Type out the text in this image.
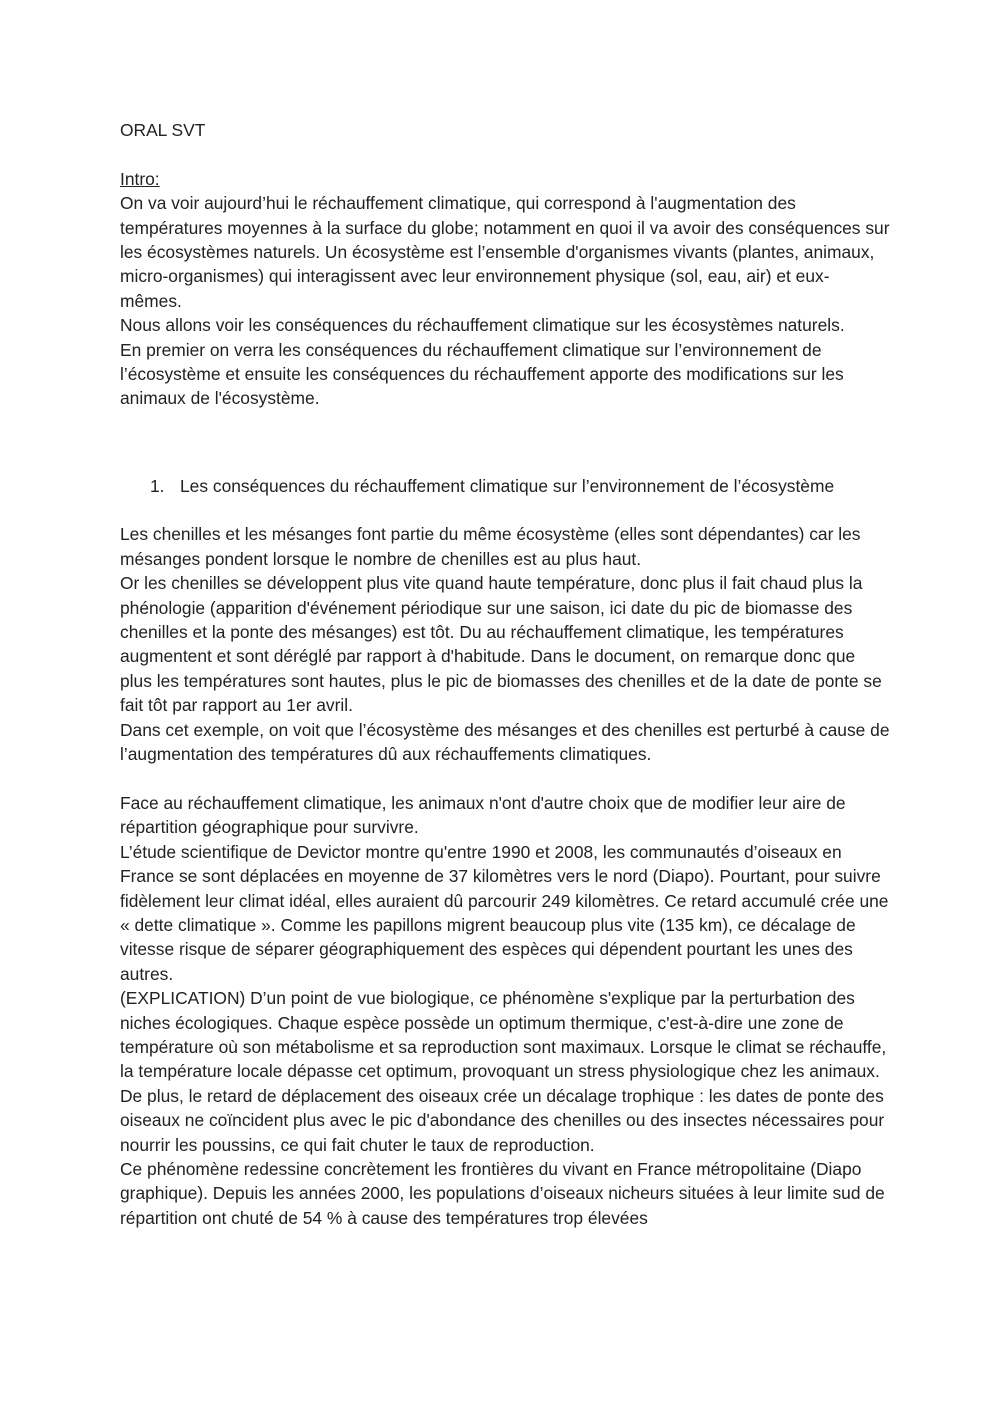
ORAL SVT

Intro:

On va voir aujourd’hui le réchauffement climatique, qui correspond à l'augmentation des températures moyennes à la surface du globe; notamment en quoi il va avoir des conséquences sur les écosystèmes naturels. Un écosystème est l’ensemble d'organismes vivants (plantes, animaux, micro-organismes) qui interagissent avec leur environnement physique (sol, eau, air) et eux-mêmes.

Nous allons voir les conséquences du réchauffement climatique sur les écosystèmes naturels.

En premier on verra les conséquences du réchauffement climatique sur l’environnement de l’écosystème et ensuite les conséquences du réchauffement apporte des modifications sur les animaux de l'écosystème.

1. Les conséquences du réchauffement climatique sur l’environnement de l’écosystème

Les chenilles et les mésanges font partie du même écosystème (elles sont dépendantes) car les mésanges pondent lorsque le nombre de chenilles est au plus haut.

Or les chenilles se développent plus vite quand haute température, donc plus il fait chaud plus la phénologie (apparition d'événement périodique sur une saison, ici date du pic de biomasse des chenilles et la ponte des mésanges) est tôt. Du au réchauffement climatique, les températures augmentent et sont déréglé par rapport à d'habitude. Dans le document, on remarque donc que plus les températures sont hautes, plus le pic de biomasses des chenilles et de la date de ponte se fait tôt par rapport au 1er avril.

Dans cet exemple, on voit que l’écosystème des mésanges et des chenilles est perturbé à cause de l’augmentation des températures dû aux réchauffements climatiques.

Face au réchauffement climatique, les animaux n'ont d'autre choix que de modifier leur aire de répartition géographique pour survivre.

L’étude scientifique de Devictor montre qu'entre 1990 et 2008, les communautés d’oiseaux en France se sont déplacées en moyenne de 37 kilomètres vers le nord (Diapo). Pourtant, pour suivre fidèlement leur climat idéal, elles auraient dû parcourir 249 kilomètres. Ce retard accumulé crée une « dette climatique ». Comme les papillons migrent beaucoup plus vite (135 km), ce décalage de vitesse risque de séparer géographiquement des espèces qui dépendent pourtant les unes des autres.

(EXPLICATION) D’un point de vue biologique, ce phénomène s'explique par la perturbation des niches écologiques. Chaque espèce possède un optimum thermique, c'est-à-dire une zone de température où son métabolisme et sa reproduction sont maximaux. Lorsque le climat se réchauffe, la température locale dépasse cet optimum, provoquant un stress physiologique chez les animaux. De plus, le retard de déplacement des oiseaux crée un décalage trophique : les dates de ponte des oiseaux ne coïncident plus avec le pic d'abondance des chenilles ou des insectes nécessaires pour nourrir les poussins, ce qui fait chuter le taux de reproduction.

Ce phénomène redessine concrètement les frontières du vivant en France métropolitaine (Diapo graphique). Depuis les années 2000, les populations d’oiseaux nicheurs situées à leur limite sud de répartition ont chuté de 54 % à cause des températures trop élevées
